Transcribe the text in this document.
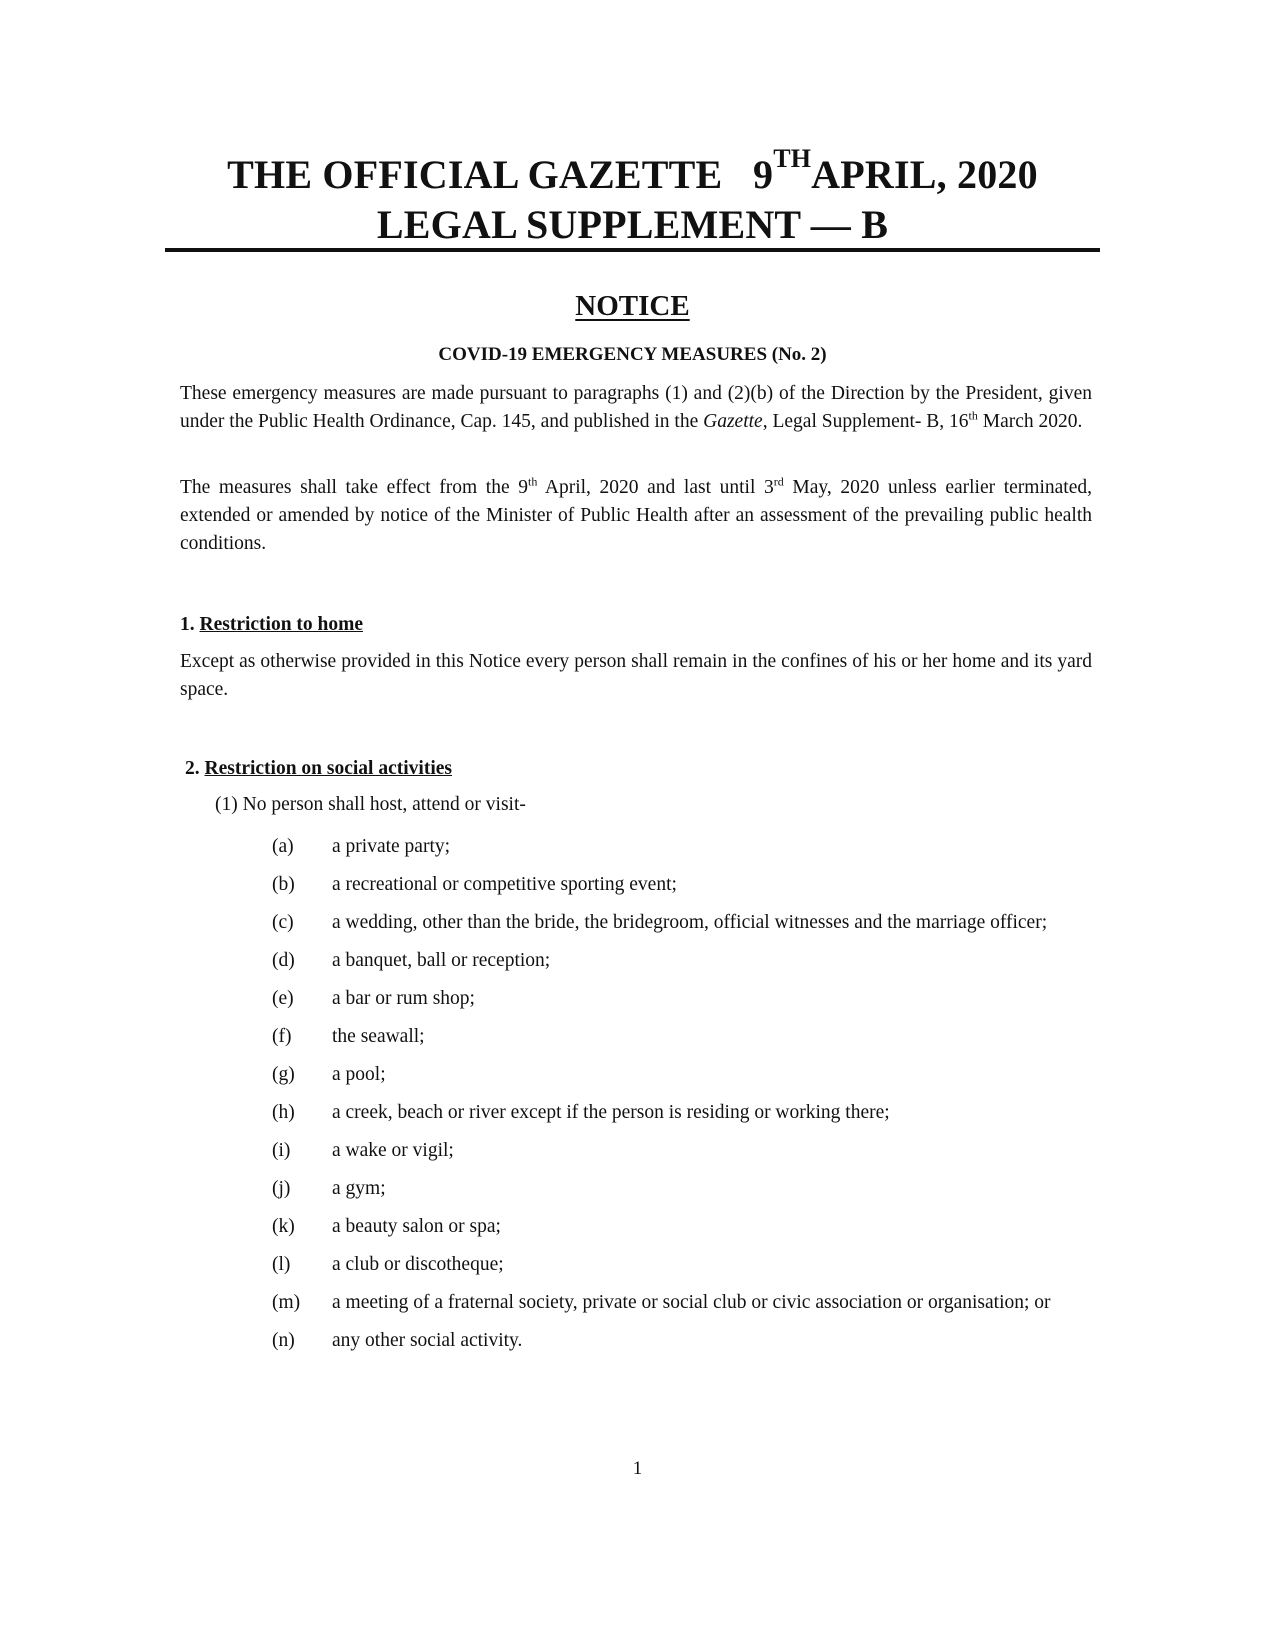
THE OFFICIAL GAZETTE 9THAPRIL, 2020
LEGAL SUPPLEMENT — B
NOTICE
COVID-19 EMERGENCY MEASURES (No. 2)
These emergency measures are made pursuant to paragraphs (1) and (2)(b) of the Direction by the President, given under the Public Health Ordinance, Cap. 145, and published in the Gazette, Legal Supplement- B, 16th March 2020.
The measures shall take effect from the 9th April, 2020 and last until 3rd May, 2020 unless earlier terminated, extended or amended by notice of the Minister of Public Health after an assessment of the prevailing public health conditions.
1. Restriction to home
Except as otherwise provided in this Notice every person shall remain in the confines of his or her home and its yard space.
2. Restriction on social activities
(1) No person shall host, attend or visit-
(a)	a private party;
(b)	a recreational or competitive sporting event;
(c)	a wedding, other than the bride, the bridegroom, official witnesses and the marriage officer;
(d)	a banquet, ball or reception;
(e)	a bar or rum shop;
(f)	the seawall;
(g)	a pool;
(h)	a creek, beach or river except if the person is residing or working there;
(i)	a wake or vigil;
(j)	a gym;
(k)	a beauty salon or spa;
(l)	a club or discotheque;
(m)	a meeting of a fraternal society, private or social club or civic association or organisation; or
(n)	any other social activity.
1
